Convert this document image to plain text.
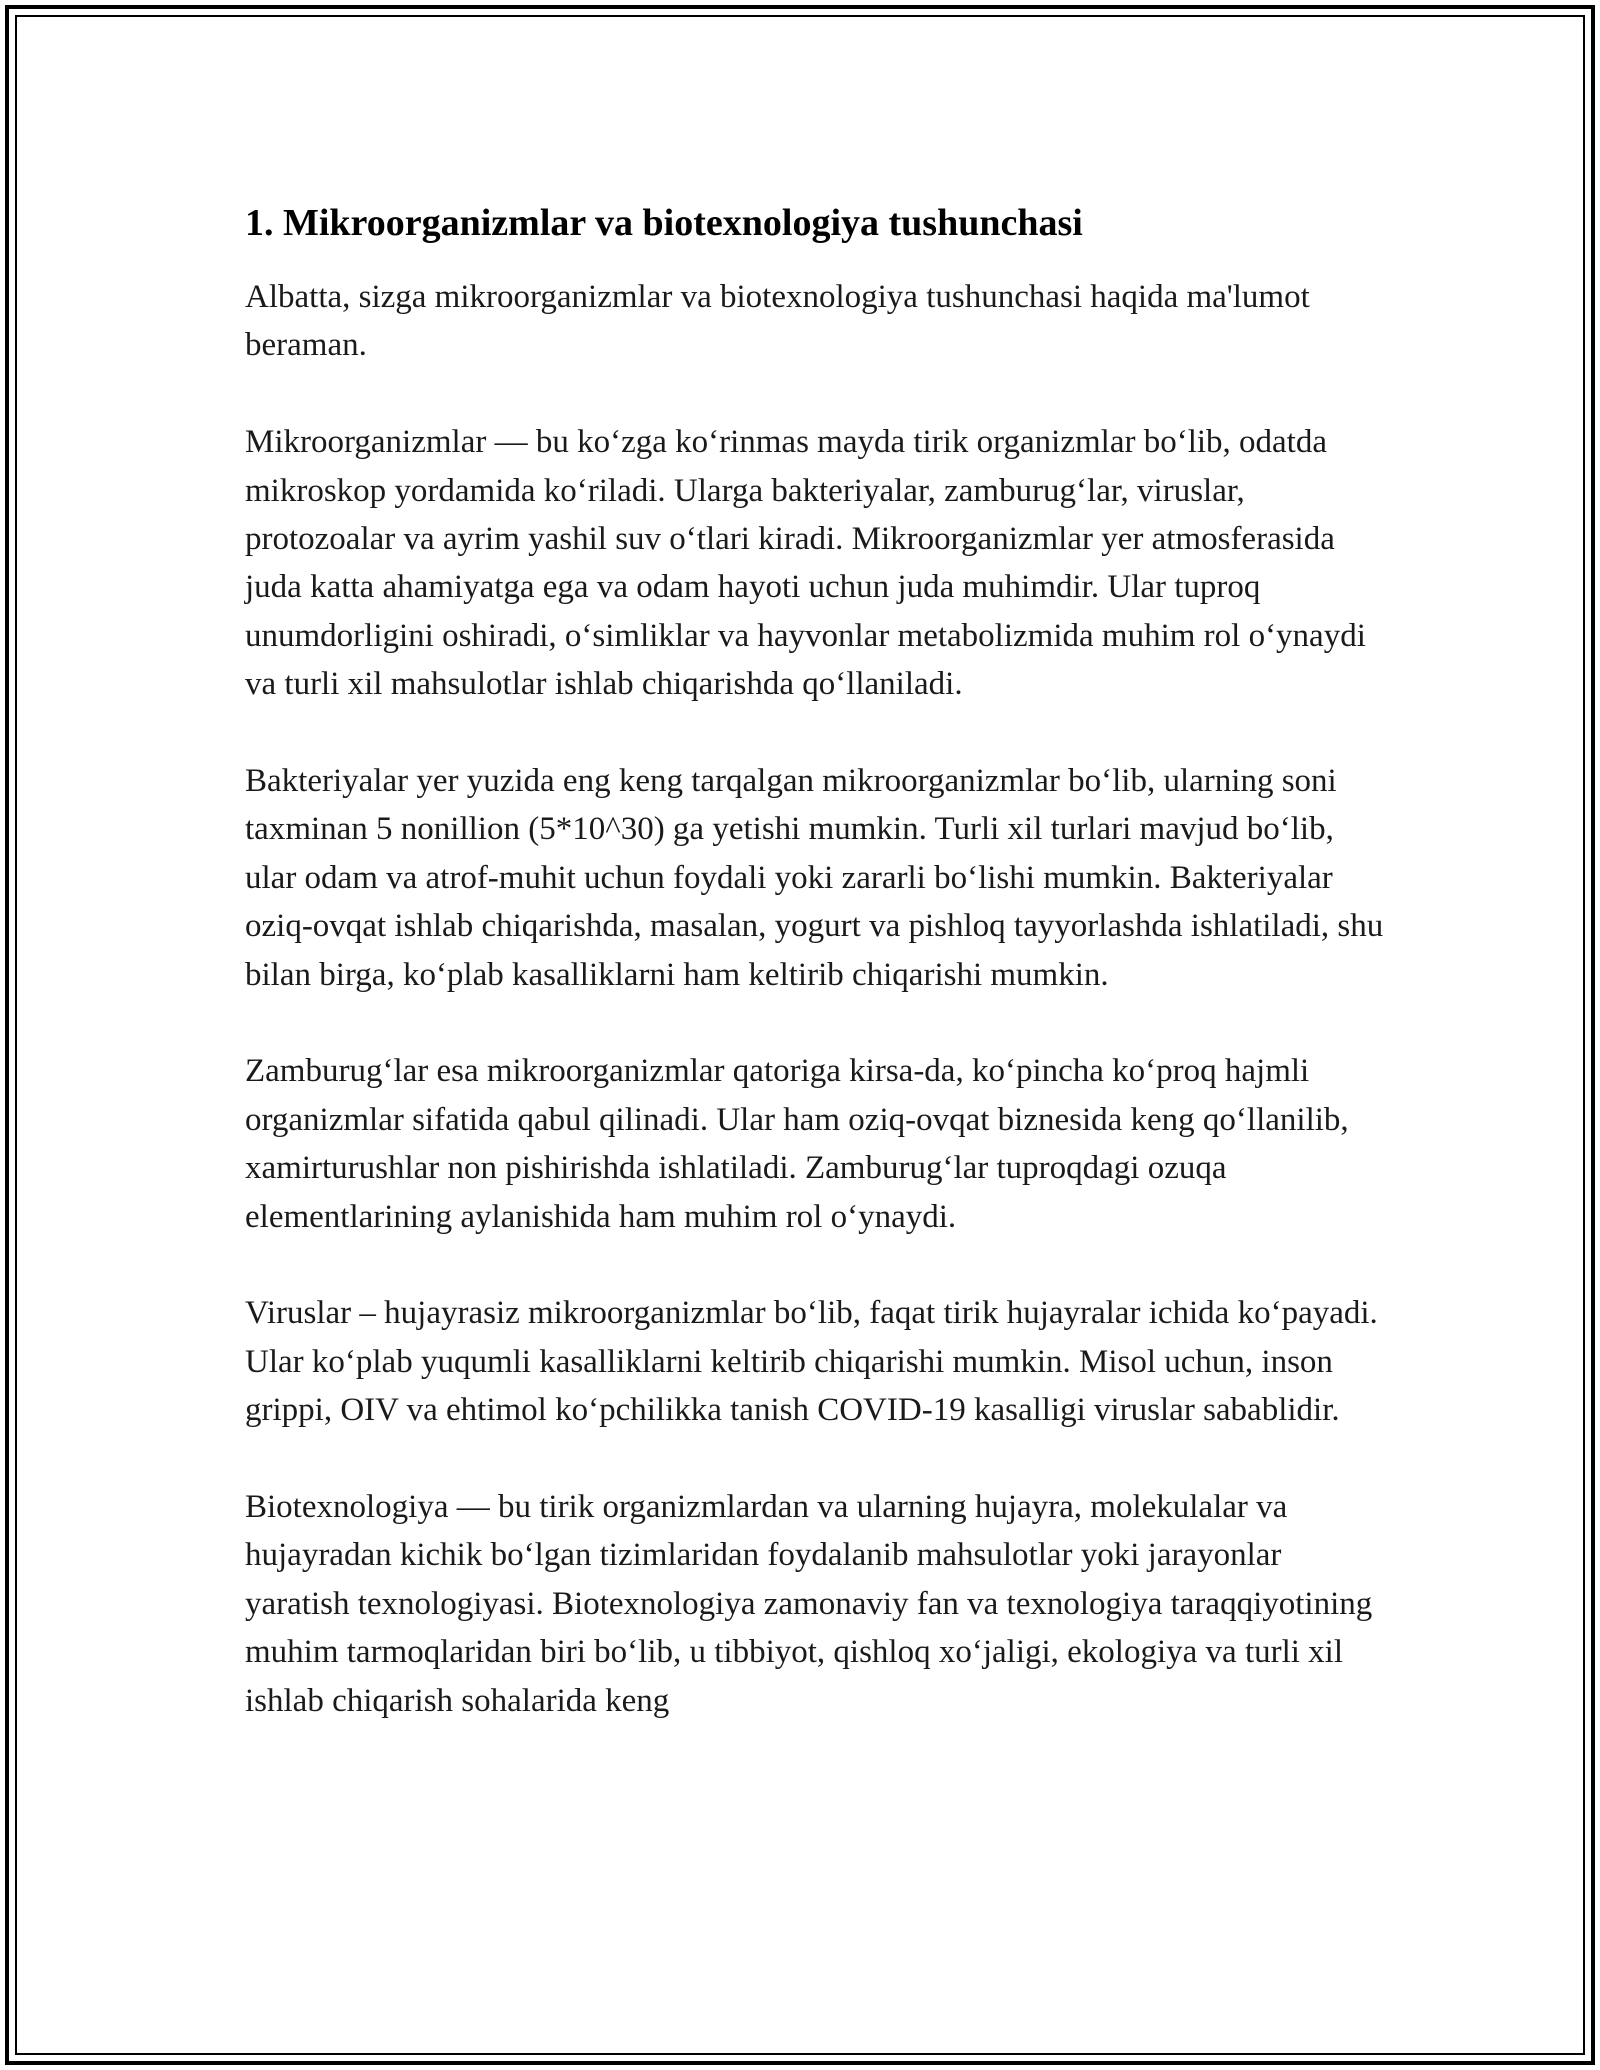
1. Mikroorganizmlar va biotexnologiya tushunchasi

Albatta, sizga mikroorganizmlar va biotexnologiya tushunchasi haqida ma'lumot beraman.

Mikroorganizmlar — bu ko‘zga ko‘rinmas mayda tirik organizmlar bo‘lib, odatda mikroskop yordamida ko‘riladi. Ularga bakteriyalar, zamburug‘lar, viruslar, protozoalar va ayrim yashil suv o‘tlari kiradi. Mikroorganizmlar yer atmosferasida juda katta ahamiyatga ega va odam hayoti uchun juda muhimdir. Ular tuproq unumdorligini oshiradi, o‘simliklar va hayvonlar metabolizmida muhim rol o‘ynaydi va turli xil mahsulotlar ishlab chiqarishda qo‘llaniladi.

Bakteriyalar yer yuzida eng keng tarqalgan mikroorganizmlar bo‘lib, ularning soni taxminan 5 nonillion (5*10^30) ga yetishi mumkin. Turli xil turlari mavjud bo‘lib, ular odam va atrof-muhit uchun foydali yoki zararli bo‘lishi mumkin. Bakteriyalar oziq-ovqat ishlab chiqarishda, masalan, yogurt va pishloq tayyorlashda ishlatiladi, shu bilan birga, ko‘plab kasalliklarni ham keltirib chiqarishi mumkin.

Zamburug‘lar esa mikroorganizmlar qatoriga kirsa-da, ko‘pincha ko‘proq hajmli organizmlar sifatida qabul qilinadi. Ular ham oziq-ovqat biznesida keng qo‘llanilib, xamirturushlar non pishirishda ishlatiladi. Zamburug‘lar tuproqdagi ozuqa elementlarining aylanishida ham muhim rol o‘ynaydi.

Viruslar – hujayrasiz mikroorganizmlar bo‘lib, faqat tirik hujayralar ichida ko‘payadi. Ular ko‘plab yuqumli kasalliklarni keltirib chiqarishi mumkin. Misol uchun, inson grippi, OIV va ehtimol ko‘pchilikka tanish COVID-19 kasalligi viruslar sabablidir.

Biotexnologiya — bu tirik organizmlardan va ularning hujayra, molekulalar va hujayradan kichik bo‘lgan tizimlaridan foydalanib mahsulotlar yoki jarayonlar yaratish texnologiyasi. Biotexnologiya zamonaviy fan va texnologiya taraqqiyotining muhim tarmoqlaridan biri bo‘lib, u tibbiyot, qishloq xo‘jaligi, ekologiya va turli xil ishlab chiqarish sohalarida keng
